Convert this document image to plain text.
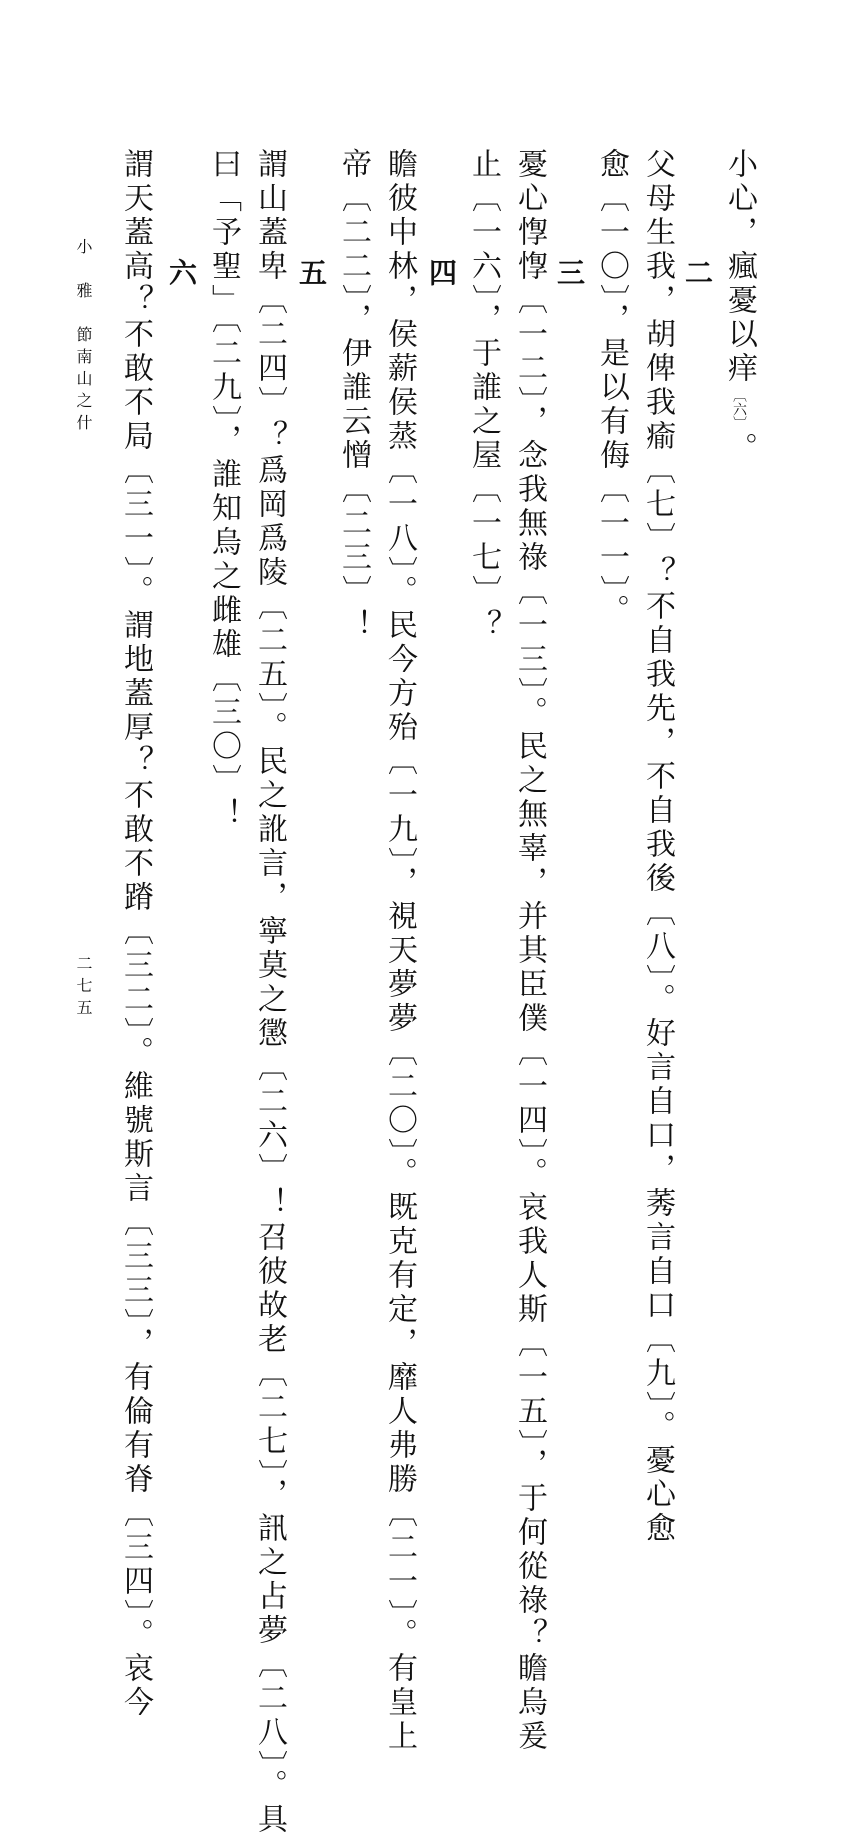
小心，瘋憂以痒〔六〕。
二
父母生我，胡俾我瘉〔七〕？不自我先，不自我後〔八〕。好言自口，莠言自口〔九〕。憂心愈
愈〔一〇〕，是以有侮〔一一〕。
三
憂心惸惸〔一二〕，念我無祿〔一三〕。民之無辜，并其臣僕〔一四〕。哀我人斯〔一五〕，于何從祿？瞻烏爰
止〔一六〕，于誰之屋〔一七〕？
四
瞻彼中林，侯薪侯蒸〔一八〕。民今方殆〔一九〕，視天夢夢〔二〇〕。既克有定，靡人弗勝〔二一〕。有皇上
帝〔二二〕，伊誰云憎〔二三〕！
五
謂山蓋卑〔二四〕？爲岡爲陵〔二五〕。民之訛言，寧莫之懲〔二六〕！召彼故老〔二七〕，訊之占夢〔二八〕。具
曰「予聖」〔二九〕，誰知烏之雌雄〔三〇〕！
六
謂天蓋高？不敢不局〔三一〕。謂地蓋厚？不敢不蹐〔三二〕。維號斯言〔三三〕，有倫有脊〔三四〕。哀今
小　雅　節南山之什
二七五
